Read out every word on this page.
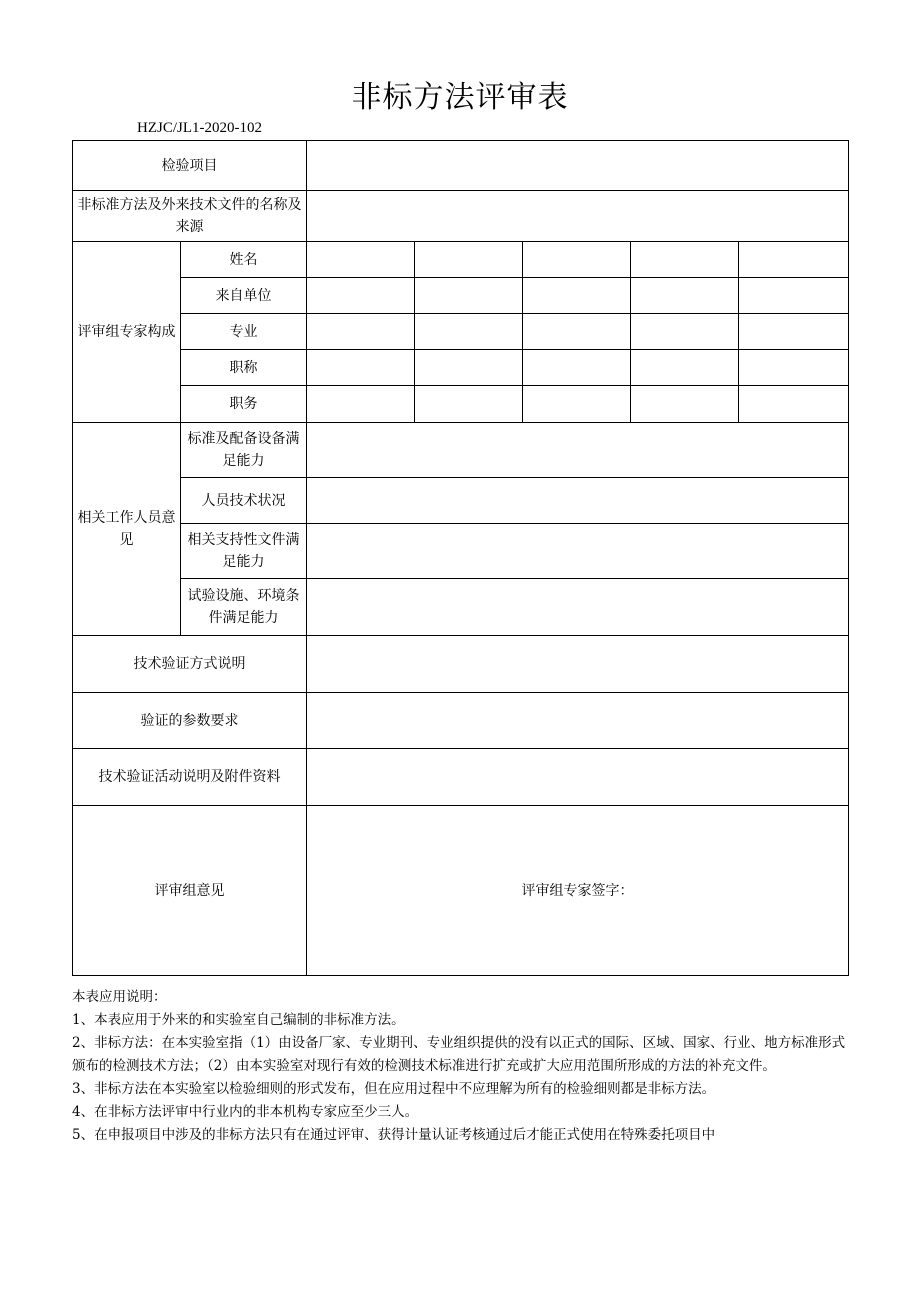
非标方法评审表
HZJC/JL1-2020-102
检验项目						
非标准方法及外来技术文件的名称及来源						
评审组专家构成	姓名					
	来自单位					
	专业					
	职称					
	职务					
相关工作人员意见	标准及配备设备满足能力					
	人员技术状况					
	相关支持性文件满足能力					
	试验设施、环境条件满足能力					
技术验证方式说明						
验证的参数要求						
技术验证活动说明及附件资料						
评审组意见		评审组专家签字：				
本表应用说明：
1、本表应用于外来的和实验室自己编制的非标准方法。
2、非标方法：在本实验室指（1）由设备厂家、专业期刊、专业组织提供的没有以正式的国际、区域、国家、行业、地方标准形式颁布的检测技术方法；（2）由本实验室对现行有效的检测技术标准进行扩充或扩大应用范围所形成的方法的补充文件。
3、非标方法在本实验室以检验细则的形式发布，但在应用过程中不应理解为所有的检验细则都是非标方法。
4、在非标方法评审中行业内的非本机构专家应至少三人。
5、在申报项目中涉及的非标方法只有在通过评审、获得计量认证考核通过后才能正式使用在特殊委托项目中
